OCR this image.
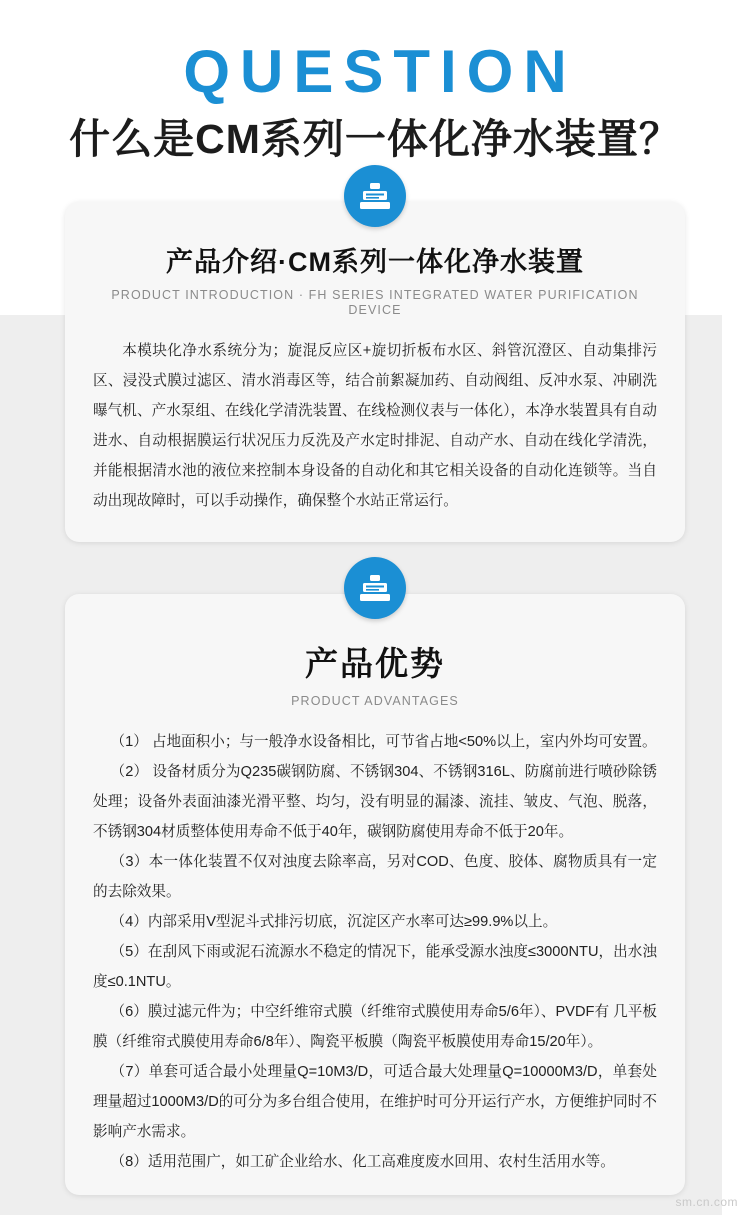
QUESTION
什么是CM系列一体化净水装置？
产品介绍·CM系列一体化净水装置
PRODUCT INTRODUCTION · FH SERIES INTEGRATED WATER PURIFICATION DEVICE

本模块化净水系统分为；旋混反应区+旋切折板布水区、斜管沉澄区、自动集排污区、浸没式膜过滤区、清水消毒区等，结合前絮凝加药、自动阀组、反冲水泵、冲刷洗曝气机、产水泵组、在线化学清洗装置、在线检测仪表与一体化），本净水装置具有自动进水、自动根据膜运行状况压力反洗及产水定时排泥、自动产水、自动在线化学清洗，并能根据清水池的液位来控制本身设备的自动化和其它相关设备的自动化连锁等。当自动出现故障时，可以手动操作，确保整个水站正常运行。

产品优势
PRODUCT ADVANTAGES

（1） 占地面积小；与一般净水设备相比，可节省占地<50%以上，室内外均可安置。

（2） 设备材质分为Q235碳钢防腐、不锈钢304、不锈钢316L、防腐前进行喷砂除锈处理；设备外表面油漆光滑平整、均匀，没有明显的漏漆、流挂、皱皮、气泡、脱落，不锈钢304材质整体使用寿命不低于40年，碳钢防腐使用寿命不低于20年。

（3）本一体化装置不仅对浊度去除率高，另对COD、色度、胶体、腐物质具有一定的去除效果。

（4）内部采用V型泥斗式排污切底，沉淀区产水率可达≥99.9%以上。

（5）在刮风下雨或泥石流源水不稳定的情况下，能承受源水浊度≤3000NTU，出水浊度≤0.1NTU。

（6）膜过滤元件为；中空纤维帘式膜（纤维帘式膜使用寿命5/6年）、PVDF有 几平板膜（纤维帘式膜使用寿命6/8年）、陶瓷平板膜（陶瓷平板膜使用寿命15/20年）。

（7）单套可适合最小处理量Q=10M3/D，可适合最大处理量Q=10000M3/D，单套处理量超过1000M3/D的可分为多台组合使用，在维护时可分开运行产水，方便维护同时不影响产水需求。

（8）适用范围广，如工矿企业给水、化工高难度废水回用、农村生活用水等。

sm.cn.com
